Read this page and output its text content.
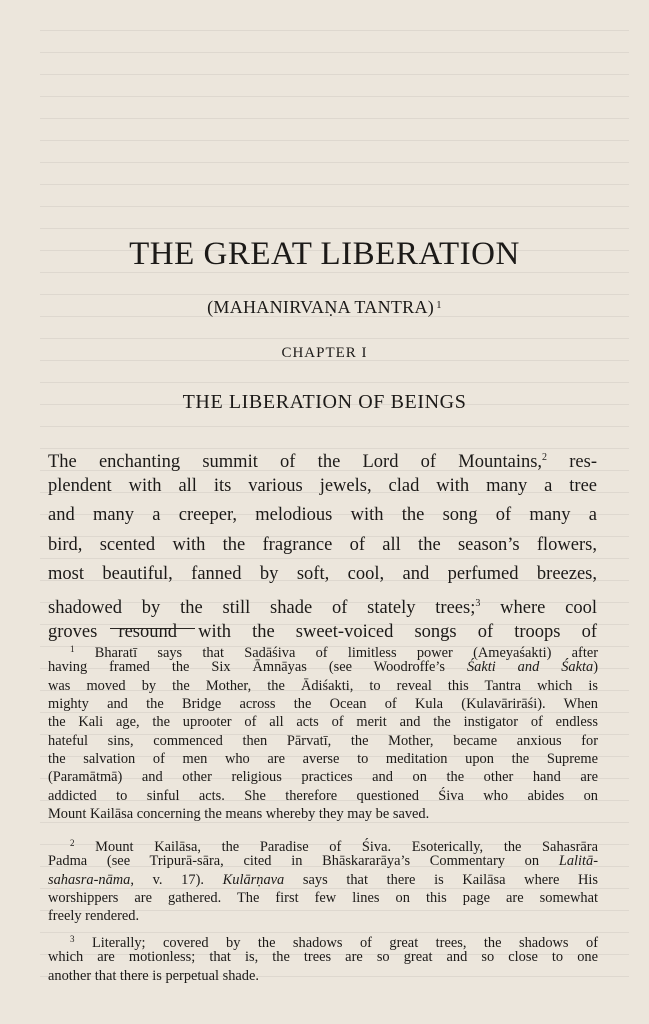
THE GREAT LIBERATION
(MAHANIRVAṆA TANTRA) $^1$
CHAPTER I
THE LIBERATION OF BEINGS
The enchanting summit of the Lord of Mountains,$^2$ res-
plendent with all its various jewels, clad with many a tree
and many a creeper, melodious with the song of many a
bird, scented with the fragrance of all the season’s flowers,
most beautiful, fanned by soft, cool, and perfumed breezes,
shadowed by the still shade of stately trees;$^3$ where cool
groves resound with the sweet-voiced songs of troops of
$^1$ Bharatī says that Sadāśiva of limitless power (Ameyaśakti) after
having framed the Six Āmnāyas (see Woodroffe’s Śakti and Śakta)
was moved by the Mother, the Ādiśakti, to reveal this Tantra which is
mighty and the Bridge across the Ocean of Kula (Kulavārirāśi). When
the Kali age, the uprooter of all acts of merit and the instigator of endless
hateful sins, commenced then Pārvatī, the Mother, became anxious for
the salvation of men who are averse to meditation upon the Supreme
(Paramātmā) and other religious practices and on the other hand are
addicted to sinful acts. She therefore questioned Śiva who abides on
Mount Kailāsa concerning the means whereby they may be saved.
$^2$ Mount Kailāsa, the Paradise of Śiva. Esoterically, the Sahasrāra
Padma (see Tripurā-sāra, cited in Bhāskararāya’s Commentary on Lalitā-
sahasra-nāma, v. 17). Kulārṇava says that there is Kailāsa where His
worshippers are gathered. The first few lines on this page are somewhat
freely rendered.
$^3$ Literally; covered by the shadows of great trees, the shadows of
which are motionless; that is, the trees are so great and so close to one
another that there is perpetual shade.
